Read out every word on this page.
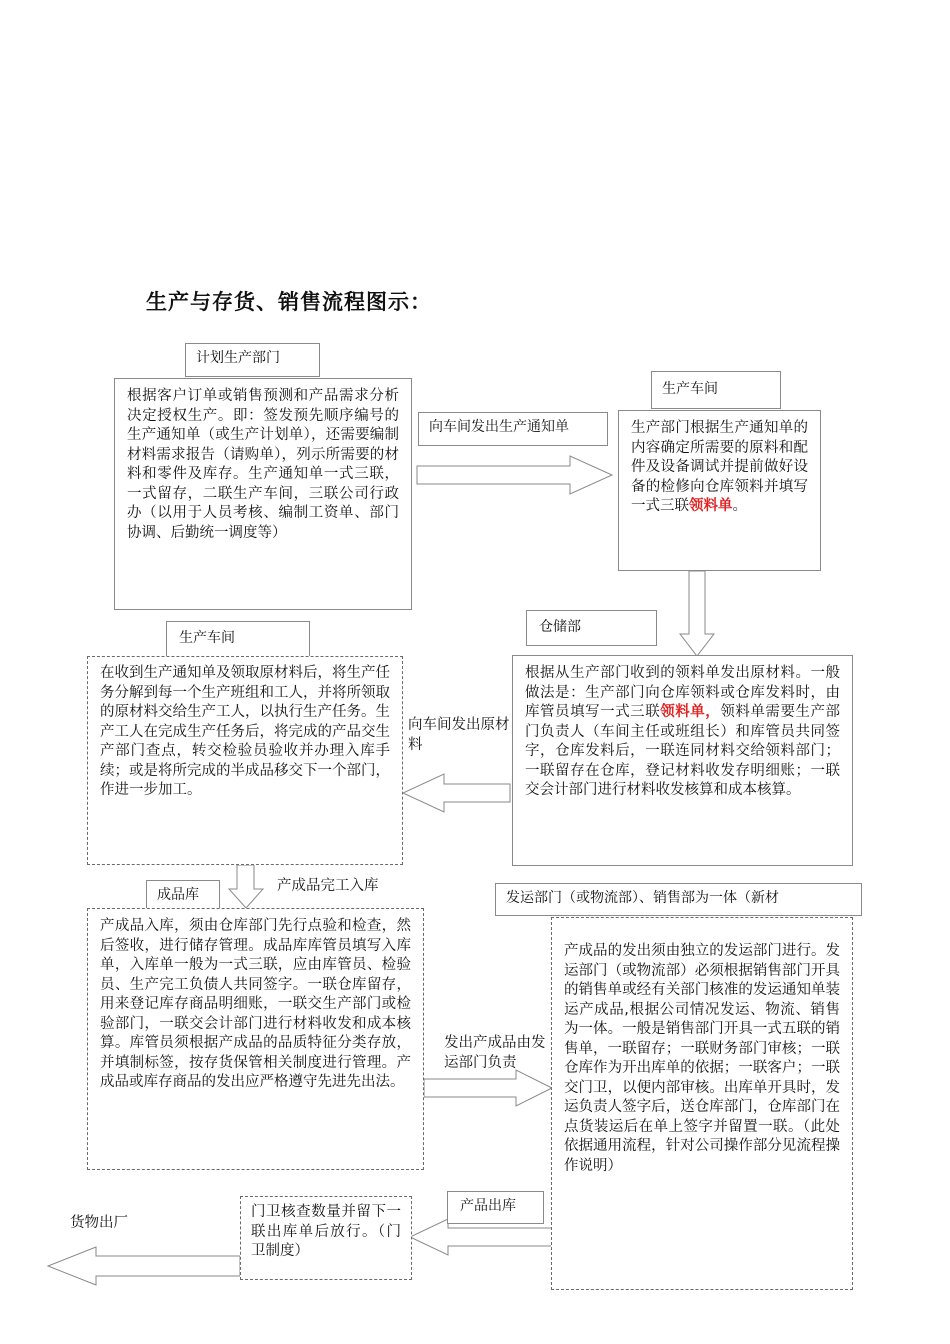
生产与存货、销售流程图示：
计划生产部门
根据客户订单或销售预测和产品需求分析决定授权生产。即：签发预先顺序编号的生产通知单（或生产计划单），还需要编制材料需求报告（请购单），列示所需要的材料和零件及库存。生产通知单一式三联，一式留存，二联生产车间，三联公司行政办（以用于人员考核、编制工资单、部门协调、后勤统一调度等）
向车间发出生产通知单
生产车间
生产部门根据生产通知单的内容确定所需要的原料和配件及设备调试并提前做好设备的检修向仓库领料并填写一式三联领料单。
仓储部
根据从生产部门收到的领料单发出原材料。一般做法是：生产部门向仓库领料或仓库发料时，由库管员填写一式三联领料单，领料单需要生产部门负责人（车间主任或班组长）和库管员共同签字，仓库发料后，一联连同材料交给领料部门；一联留存在仓库，登记材料收发存明细账；一联交会计部门进行材料收发核算和成本核算。
向车间发出原材料
生产车间
在收到生产通知单及领取原材料后，将生产任务分解到每一个生产班组和工人，并将所领取的原材料交给生产工人，以执行生产任务。生产工人在完成生产任务后，将完成的产品交生产部门查点，转交检验员验收并办理入库手续；或是将所完成的半成品移交下一个部门，作进一步加工。
产成品完工入库
成品库
产成品入库，须由仓库部门先行点验和检查，然后签收，进行储存管理。成品库库管员填写入库单，入库单一般为一式三联，应由库管员、检验员、生产完工负债人共同签字。一联仓库留存，用来登记库存商品明细账，一联交生产部门或检验部门，一联交会计部门进行材料收发和成本核算。库管员须根据产成品的品质特征分类存放，并填制标签，按存货保管相关制度进行管理。产成品或库存商品的发出应严格遵守先进先出法。
发出产成品由发运部门负责
发运部门（或物流部）、销售部为一体（新材
产成品的发出须由独立的发运部门进行。发运部门（或物流部）必须根据销售部门开具的销售单或经有关部门核准的发运通知单装运产成品,根据公司情况发运、物流、销售为一体。一般是销售部门开具一式五联的销售单，一联留存；一联财务部门审核；一联仓库作为开出库单的依据；一联客户；一联交门卫，以便内部审核。出库单开具时，发运负责人签字后，送仓库部门，仓库部门在点货装运后在单上签字并留置一联。（此处依据通用流程，针对公司操作部分见流程操作说明）
产品出库
门卫核查数量并留下一联出库单后放行。（门卫制度）
货物出厂
